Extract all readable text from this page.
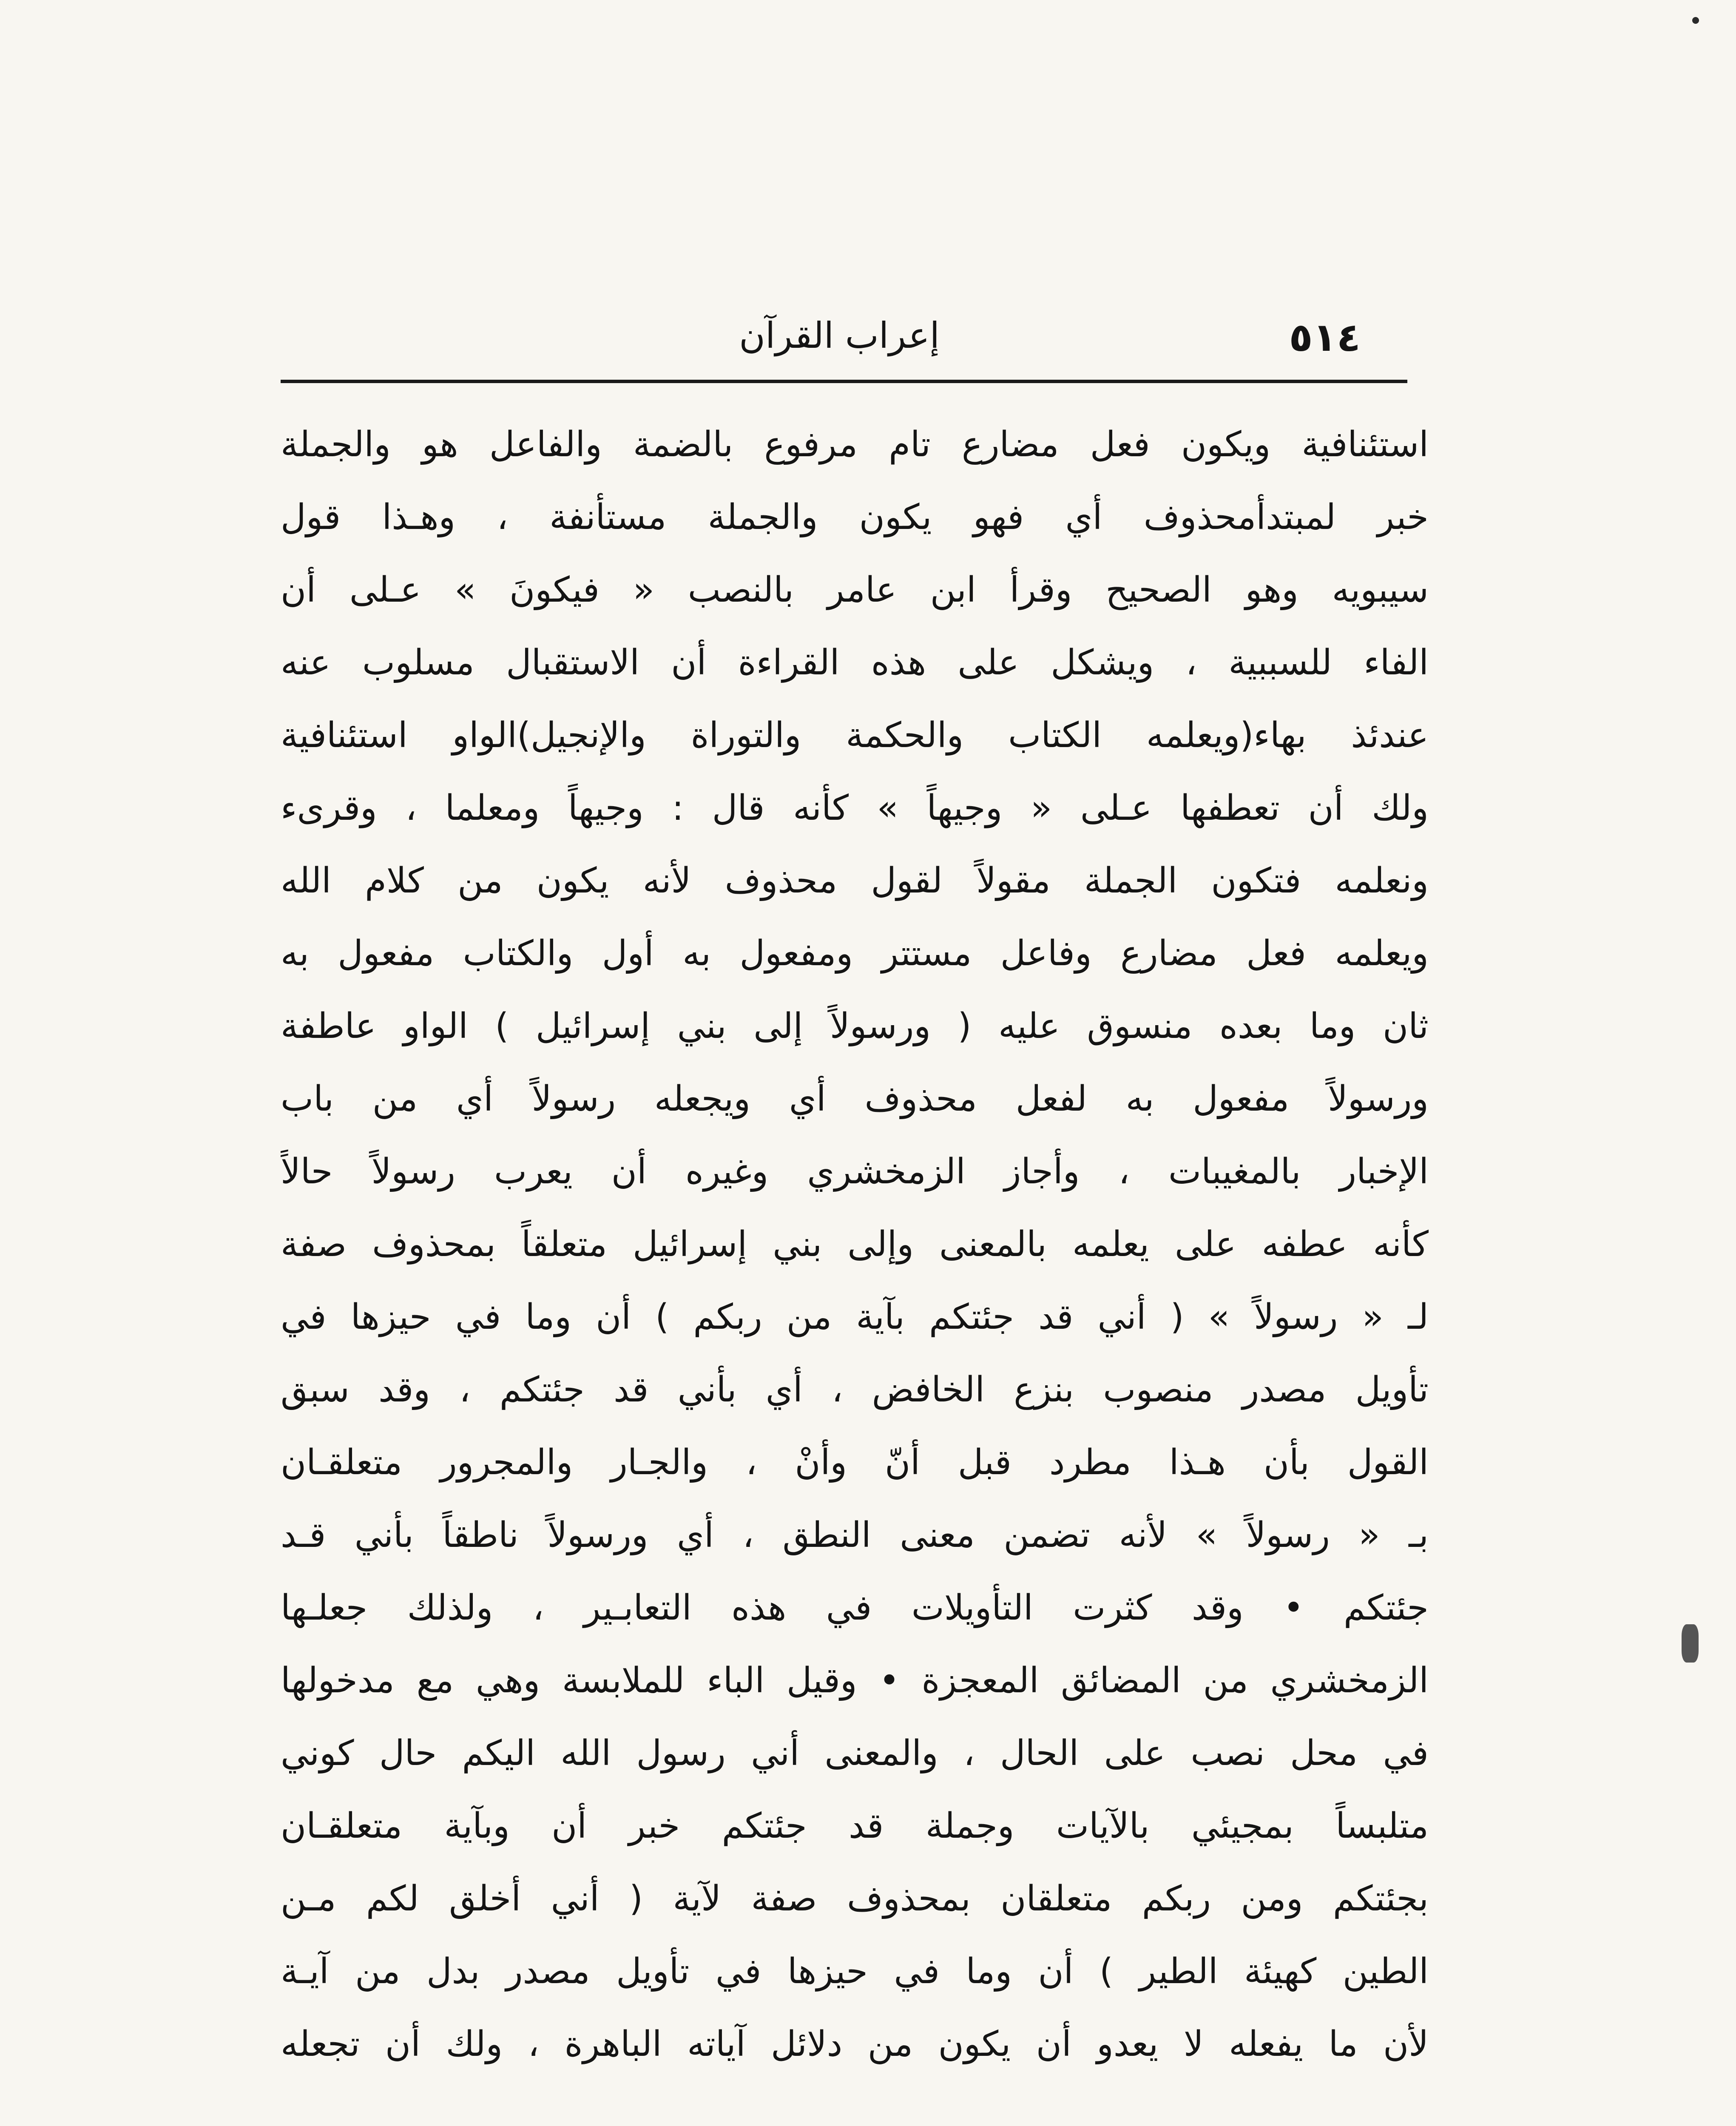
٥١٤
إعراب القرآن
استئنافية ويكون فعل مضارع تام مرفوع بالضمة والفاعل هو والجملة
خبر لمبتدأمحذوف أي فهو يكون والجملة مستأنفة ، وهـذا قول
سيبويه وهو الصحيح وقرأ ابن عامر بالنصب « فيكونَ » عـلى أن
الفاء للسببية ، ويشكل على هذه القراءة أن الاستقبال مسلوب عنه
عندئذ بهاء(ويعلمه الكتاب والحكمة والتوراة والإنجيل)الواو استئنافية
ولك أن تعطفها عـلى « وجيهاً » كأنه قال : وجيهاً ومعلما ، وقرىء
ونعلمه فتكون الجملة مقولاً لقول محذوف لأنه يكون من كلام الله
ويعلمه فعل مضارع وفاعل مستتر ومفعول به أول والكتاب مفعول به
ثان وما بعده منسوق عليه ( ورسولاً إلى بني إسرائيل ) الواو عاطفة
ورسولاً مفعول به لفعل محذوف أي ويجعله رسولاً أي من باب
الإخبار بالمغيبات ، وأجاز الزمخشري وغيره أن يعرب رسولاً حالاً
كأنه عطفه على يعلمه بالمعنى وإلى بني إسرائيل متعلقاً بمحذوف صفة
لـ « رسولاً » ( أني قد جئتكم بآية من ربكم ) أن وما في حيزها في
تأويل مصدر منصوب بنزع الخافض ، أي بأني قد جئتكم ، وقد سبق
القول بأن هـذا مطرد قبل أنّ وأنْ ، والجـار والمجرور متعلقـان
بـ « رسولاً » لأنه تضمن معنى النطق ، أي ورسولاً ناطقاً بأني قـد
جئتكم • وقد كثرت التأويلات في هذه التعابـير ، ولذلك جعلـها
الزمخشري من المضائق المعجزة • وقيل الباء للملابسة وهي مع مدخولها
في محل نصب على الحال ، والمعنى أني رسول الله اليكم حال كوني
متلبساً بمجيئي بالآيات وجملة قد جئتكم خبر أن وبآية متعلقـان
بجئتكم ومن ربكم متعلقان بمحذوف صفة لآية ( أني أخلق لكم مـن
الطين كهيئة الطير ) أن وما في حيزها في تأويل مصدر بدل من آيـة
لأن ما يفعله لا يعدو أن يكون من دلائل آياته الباهرة ، ولك أن تجعله
